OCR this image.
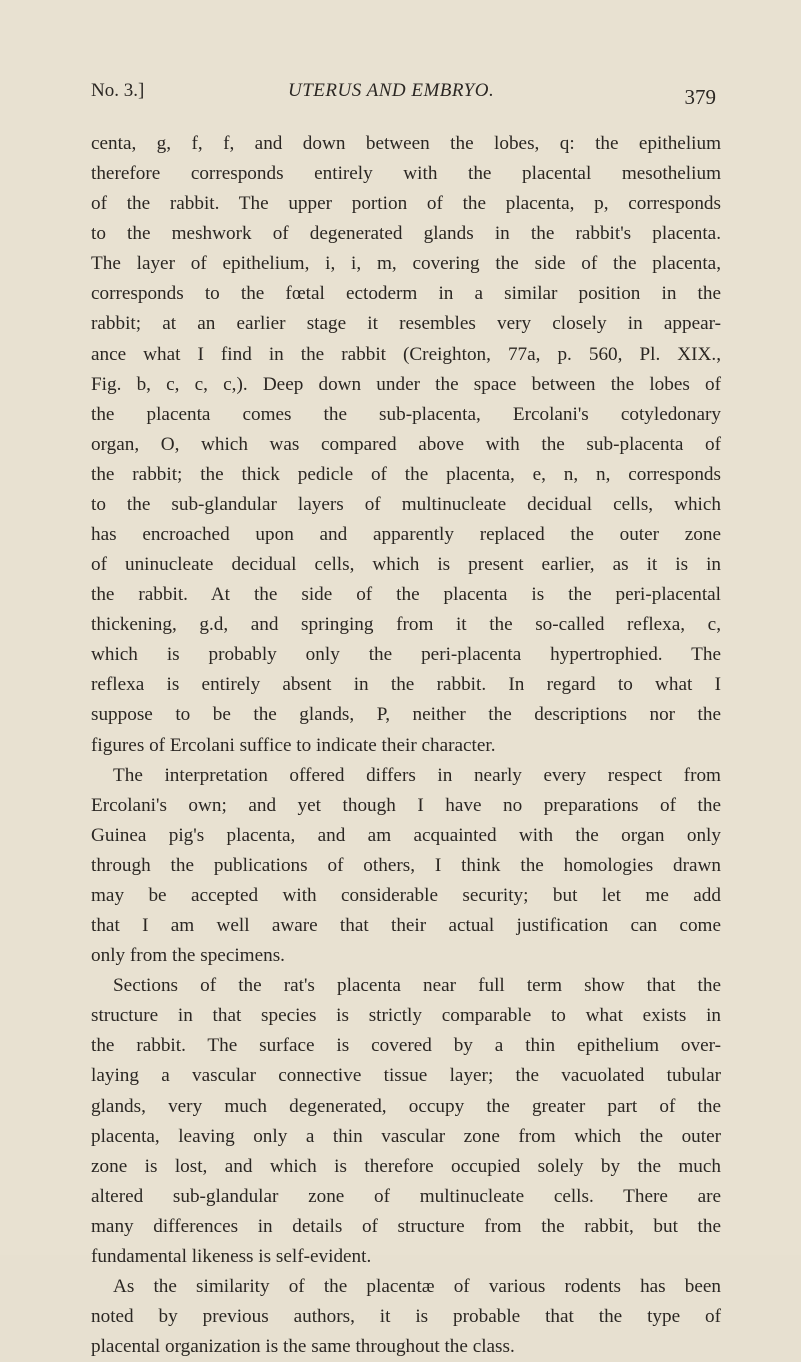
No. 3.]	UTERUS AND EMBRYO.	379
centa, g, f, f, and down between the lobes, q: the epithelium
therefore corresponds entirely with the placental mesothelium
of the rabbit. The upper portion of the placenta, p, corresponds
to the meshwork of degenerated glands in the rabbit's placenta.
The layer of epithelium, i, i, m, covering the side of the placenta,
corresponds to the fœtal ectoderm in a similar position in the
rabbit; at an earlier stage it resembles very closely in appear-
ance what I find in the rabbit (Creighton, 77a, p. 560, Pl. XIX.,
Fig. b, c, c, c,). Deep down under the space between the lobes of
the placenta comes the sub-placenta, Ercolani's cotyledonary
organ, O, which was compared above with the sub-placenta of
the rabbit; the thick pedicle of the placenta, e, n, n, corresponds
to the sub-glandular layers of multinucleate decidual cells, which
has encroached upon and apparently replaced the outer zone
of uninucleate decidual cells, which is present earlier, as it is in
the rabbit. At the side of the placenta is the peri-placental
thickening, g.d, and springing from it the so-called reflexa, c,
which is probably only the peri-placenta hypertrophied. The
reflexa is entirely absent in the rabbit. In regard to what I
suppose to be the glands, P, neither the descriptions nor the
figures of Ercolani suffice to indicate their character.
The interpretation offered differs in nearly every respect from
Ercolani's own; and yet though I have no preparations of the
Guinea pig's placenta, and am acquainted with the organ only
through the publications of others, I think the homologies drawn
may be accepted with considerable security; but let me add
that I am well aware that their actual justification can come
only from the specimens.
Sections of the rat's placenta near full term show that the
structure in that species is strictly comparable to what exists in
the rabbit. The surface is covered by a thin epithelium over-
laying a vascular connective tissue layer; the vacuolated tubular
glands, very much degenerated, occupy the greater part of the
placenta, leaving only a thin vascular zone from which the outer
zone is lost, and which is therefore occupied solely by the much
altered sub-glandular zone of multinucleate cells. There are
many differences in details of structure from the rabbit, but the
fundamental likeness is self-evident.
As the similarity of the placentæ of various rodents has been
noted by previous authors, it is probable that the type of
placental organization is the same throughout the class.
